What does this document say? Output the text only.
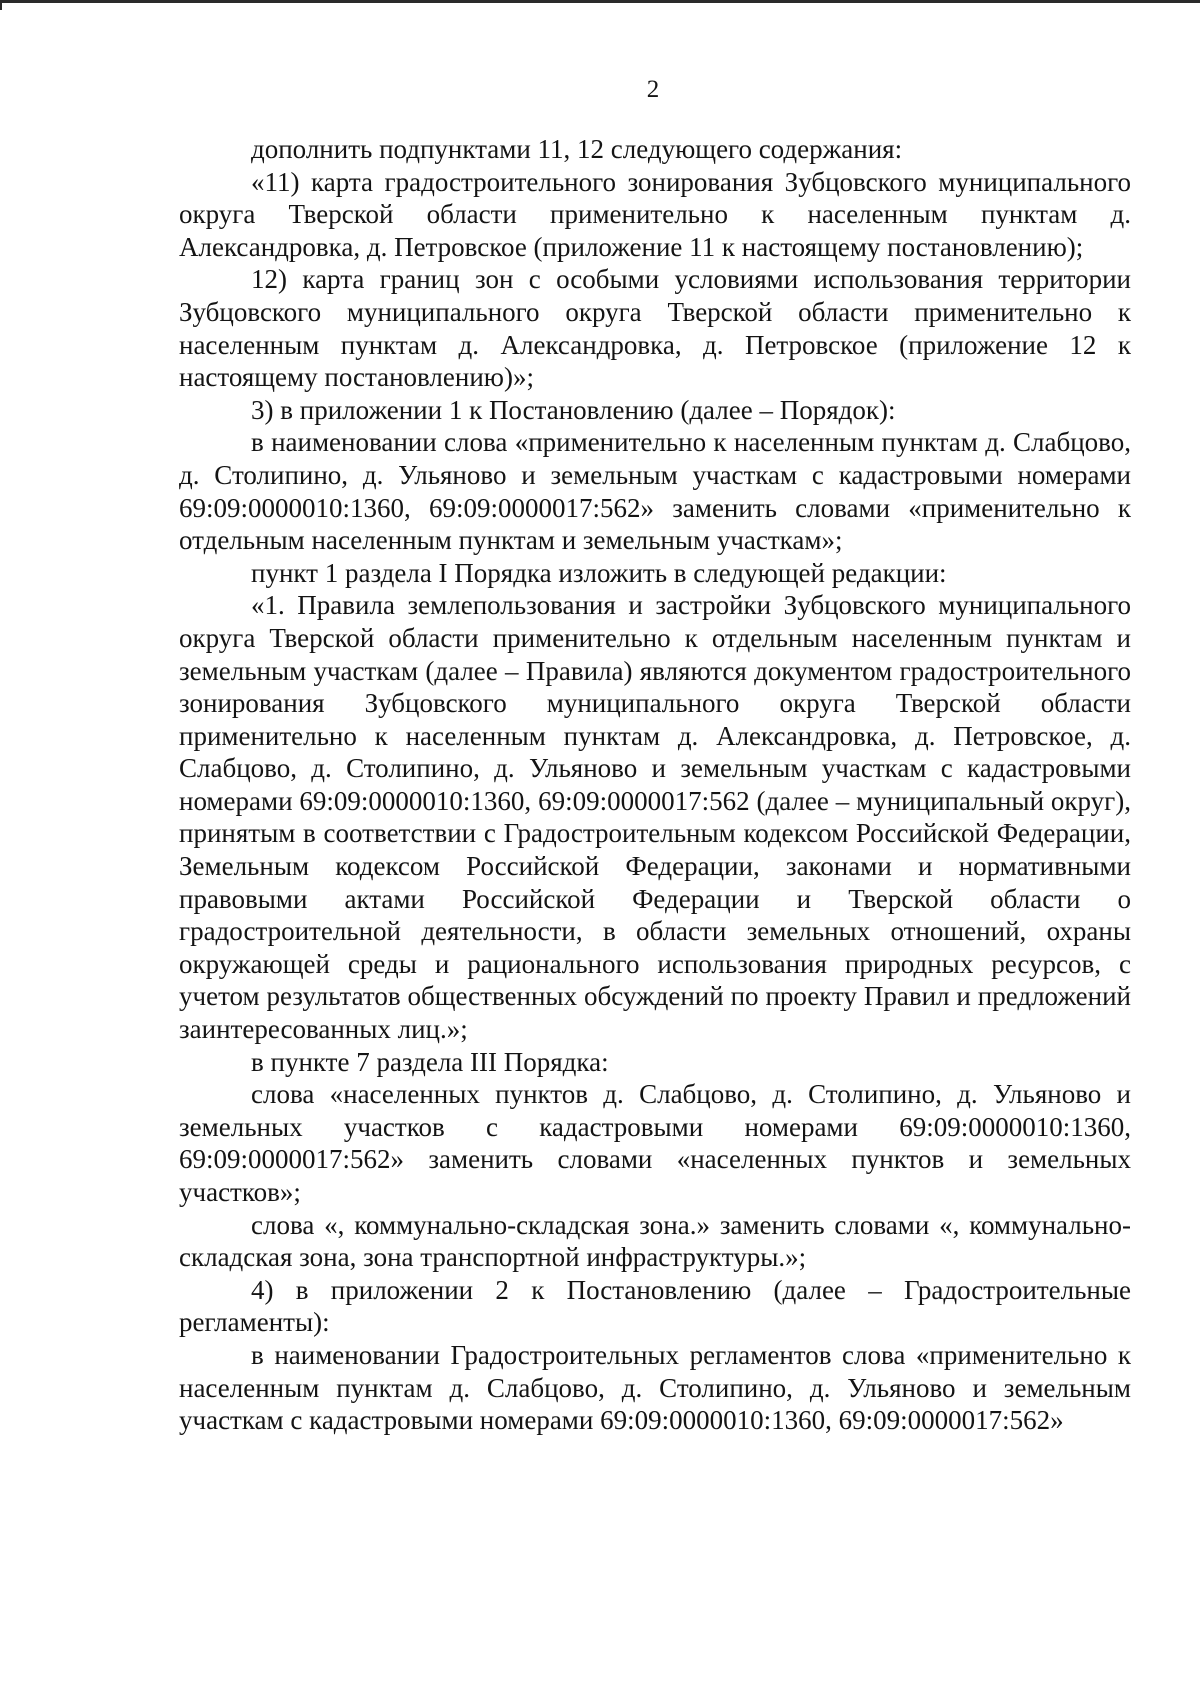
2

дополнить подпунктами 11, 12 следующего содержания:

«11) карта градостроительного зонирования Зубцовского муниципального округа Тверской области применительно к населенным пунктам д. Александровка, д. Петровское (приложение 11 к настоящему постановлению);

12) карта границ зон с особыми условиями использования территории Зубцовского муниципального округа Тверской области применительно к населенным пунктам д. Александровка, д. Петровское (приложение 12 к настоящему постановлению)»;

3) в приложении 1 к Постановлению (далее – Порядок):

в наименовании слова «применительно к населенным пунктам д. Слабцово, д. Столипино, д. Ульяново и земельным участкам с кадастровыми номерами 69:09:0000010:1360, 69:09:0000017:562» заменить словами «применительно к отдельным населенным пунктам и земельным участкам»;

пункт 1 раздела I Порядка изложить в следующей редакции:

«1. Правила землепользования и застройки Зубцовского муниципального округа Тверской области применительно к отдельным населенным пунктам и земельным участкам (далее – Правила) являются документом градостроительного зонирования Зубцовского муниципального округа Тверской области применительно к населенным пунктам д. Александровка, д. Петровское, д. Слабцово, д. Столипино, д. Ульяново и земельным участкам с кадастровыми номерами 69:09:0000010:1360, 69:09:0000017:562 (далее – муниципальный округ), принятым в соответствии с Градостроительным кодексом Российской Федерации, Земельным кодексом Российской Федерации, законами и нормативными правовыми актами Российской Федерации и Тверской области о градостроительной деятельности, в области земельных отношений, охраны окружающей среды и рационального использования природных ресурсов, с учетом результатов общественных обсуждений по проекту Правил и предложений заинтересованных лиц.»;

в пункте 7 раздела III Порядка:

слова «населенных пунктов д. Слабцово, д. Столипино, д. Ульяново и земельных участков с кадастровыми номерами 69:09:0000010:1360, 69:09:0000017:562» заменить словами «населенных пунктов и земельных участков»;

слова «, коммунально-складская зона.» заменить словами «, коммунально-складская зона, зона транспортной инфраструктуры.»;

4) в приложении 2 к Постановлению (далее – Градостроительные регламенты):

в наименовании Градостроительных регламентов слова «применительно к населенным пунктам д. Слабцово, д. Столипино, д. Ульяново и земельным участкам с кадастровыми номерами 69:09:0000010:1360, 69:09:0000017:562»
